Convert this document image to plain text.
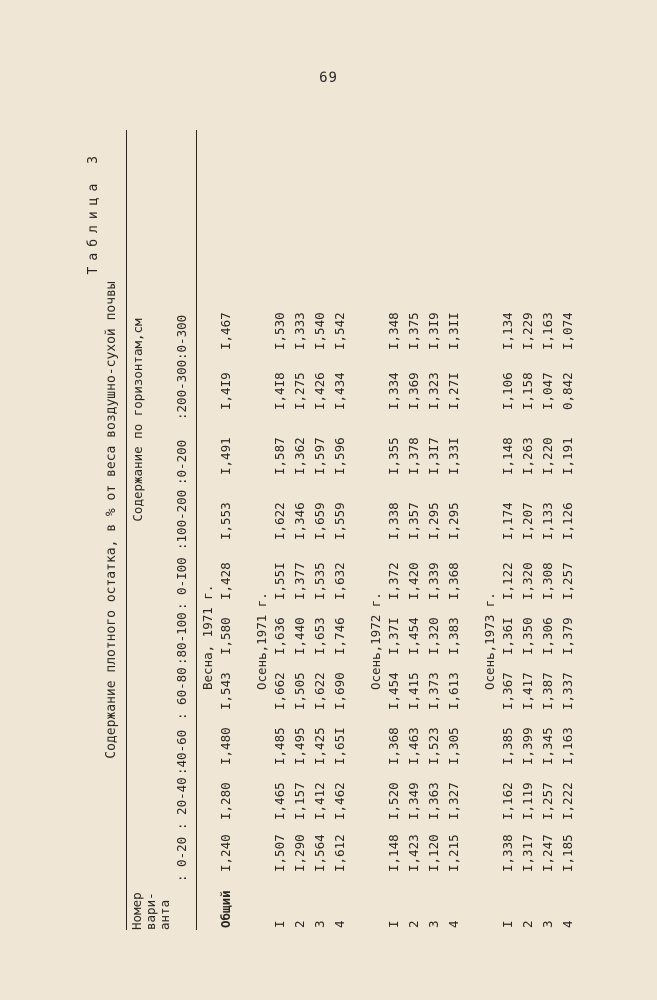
69
Таблица 3
Содержание плотного остатка, в % от веса воздушно-сухой почвы
Номер вари- анта
Содержание по горизонтам,см
: 0-20
: 20-40
:40-60
: 60-80
:80-100
: 0-I00
:100-200
:0-200
:200-300
:0-300
Весна, 1971 г.
Общий
I,240
I,280
I,480
I,543
I,580
I,428
I,553
I,491
I,4I9
I,467
Осень,1971 г.
I
I,507
I,465
I,485
I,662
I,636
I,55I
I,622
I,587
I,4I8
I,530
2
I,290
I,157
I,495
I,505
I,440
I,377
I,346
I,362
I,275
I,333
3
I,564
I,412
I,425
I,622
I,653
I,535
I,659
I,597
I,426
I,540
4
I,612
I,462
I,65I
I,690
I,746
I,632
I,559
I,596
I,434
I,542
Осень,1972 г.
I
I,148
I,520
I,368
I,454
I,37I
I,372
I,338
I,355
I,334
I,348
2
I,423
I,349
I,463
I,415
I,454
I,420
I,357
I,378
I,369
I,375
3
I,120
I,363
I,523
I,373
I,320
I,339
I,295
I,3I7
I,323
I,3I9
4
I,215
I,327
I,305
I,613
I,383
I,368
I,295
I,33I
I,27I
I,3II
Осень,1973 г.
I
I,338
I,162
I,385
I,367
I,36I
I,122
I,174
I,148
I,106
I,134
2
I,317
I,119
I,399
I,417
I,350
I,320
I,207
I,263
I,158
I,229
3
I,247
I,257
I,345
I,387
I,306
I,308
I,133
I,220
I,047
I,163
4
I,185
I,222
I,163
I,337
I,379
I,257
I,126
I,191
0,842
I,074
